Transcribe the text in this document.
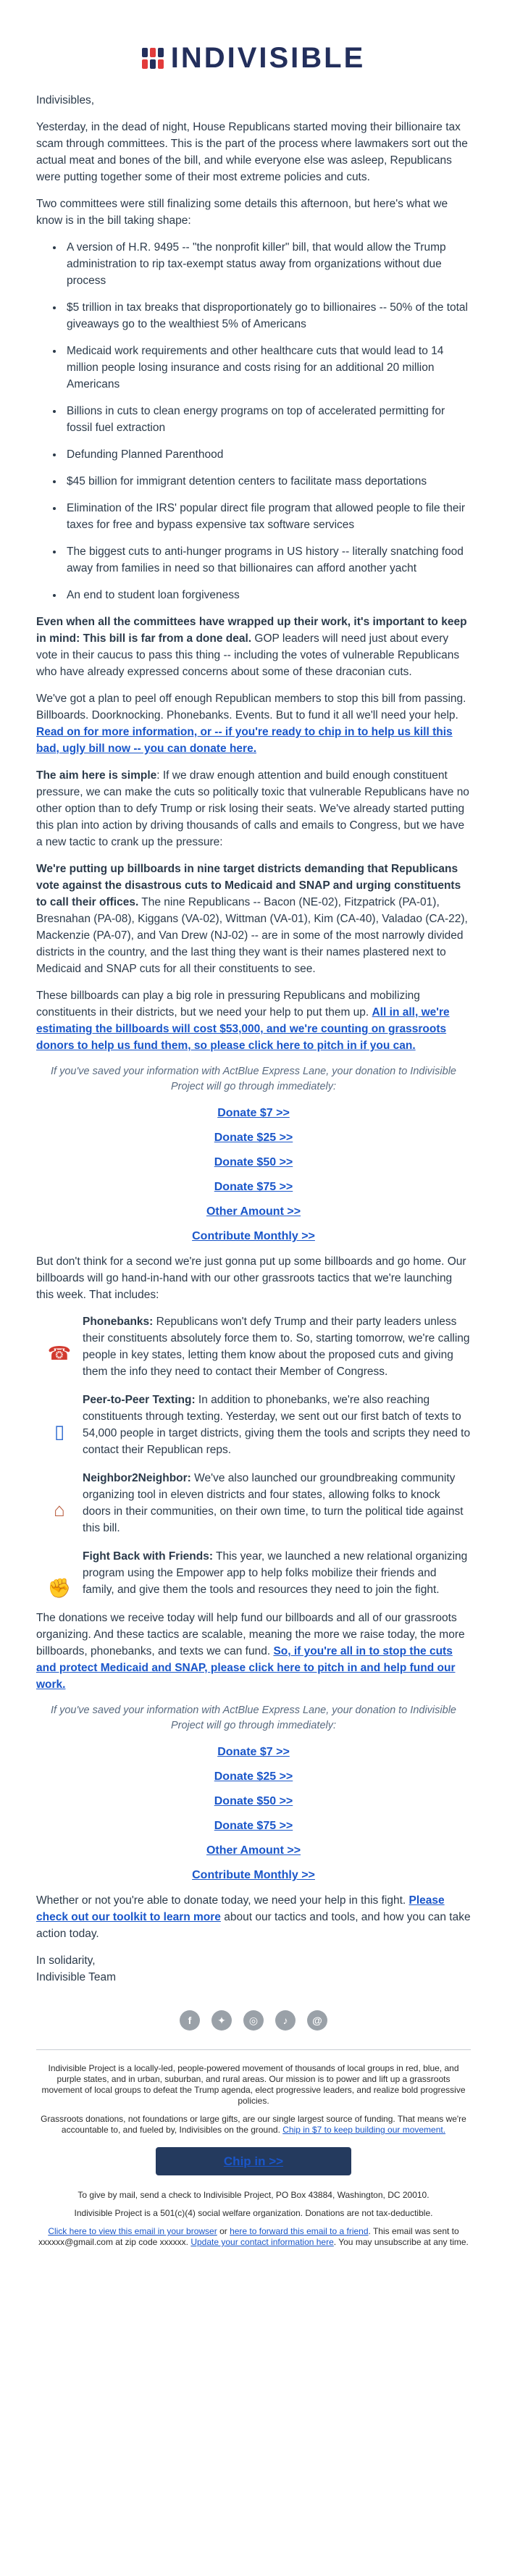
INDIVISIBLE

Indivisibles,

Yesterday, in the dead of night, House Republicans started moving their billionaire tax scam through committees. This is the part of the process where lawmakers sort out the actual meat and bones of the bill, and while everyone else was asleep, Republicans were putting together some of their most extreme policies and cuts.

Two committees were still finalizing some details this afternoon, but here's what we know is in the bill taking shape:

• A version of H.R. 9495 -- "the nonprofit killer" bill, that would allow the Trump administration to rip tax-exempt status away from organizations without due process
• $5 trillion in tax breaks that disproportionately go to billionaires -- 50% of the total giveaways go to the wealthiest 5% of Americans
• Medicaid work requirements and other healthcare cuts that would lead to 14 million people losing insurance and costs rising for an additional 20 million Americans
• Billions in cuts to clean energy programs on top of accelerated permitting for fossil fuel extraction
• Defunding Planned Parenthood
• $45 billion for immigrant detention centers to facilitate mass deportations
• Elimination of the IRS' popular direct file program that allowed people to file their taxes for free and bypass expensive tax software services
• The biggest cuts to anti-hunger programs in US history -- literally snatching food away from families in need so that billionaires can afford another yacht
• An end to student loan forgiveness

Even when all the committees have wrapped up their work, it's important to keep in mind: This bill is far from a done deal. GOP leaders will need just about every vote in their caucus to pass this thing -- including the votes of vulnerable Republicans who have already expressed concerns about some of these draconian cuts.

We've got a plan to peel off enough Republican members to stop this bill from passing. Billboards. Doorknocking. Phonebanks. Events. But to fund it all we'll need your help. Read on for more information, or -- if you're ready to chip in to help us kill this bad, ugly bill now -- you can donate here.

The aim here is simple: If we draw enough attention and build enough constituent pressure, we can make the cuts so politically toxic that vulnerable Republicans have no other option than to defy Trump or risk losing their seats. We've already started putting this plan into action by driving thousands of calls and emails to Congress, but we have a new tactic to crank up the pressure:

We're putting up billboards in nine target districts demanding that Republicans vote against the disastrous cuts to Medicaid and SNAP and urging constituents to call their offices. The nine Republicans -- Bacon (NE-02), Fitzpatrick (PA-01), Bresnahan (PA-08), Kiggans (VA-02), Wittman (VA-01), Kim (CA-40), Valadao (CA-22), Mackenzie (PA-07), and Van Drew (NJ-02) -- are in some of the most narrowly divided districts in the country, and the last thing they want is their names plastered next to Medicaid and SNAP cuts for all their constituents to see.

These billboards can play a big role in pressuring Republicans and mobilizing constituents in their districts, but we need your help to put them up. All in all, we're estimating the billboards will cost $53,000, and we're counting on grassroots donors to help us fund them, so please click here to pitch in if you can.

If you've saved your information with ActBlue Express Lane, your donation to Indivisible Project will go through immediately:

Donate $7 >>
Donate $25 >>
Donate $50 >>
Donate $75 >>
Other Amount >>
Contribute Monthly >>

But don't think for a second we're just gonna put up some billboards and go home. Our billboards will go hand-in-hand with our other grassroots tactics that we're launching this week. That includes:

☎
Phonebanks: Republicans won't defy Trump and their party leaders unless their constituents absolutely force them to. So, starting tomorrow, we're calling people in key states, letting them know about the proposed cuts and giving them the info they need to contact their Member of Congress.
▯
Peer-to-Peer Texting: In addition to phonebanks, we're also reaching constituents through texting. Yesterday, we sent out our first batch of texts to 54,000 people in target districts, giving them the tools and scripts they need to contact their Republican reps.
⌂
Neighbor2Neighbor: We've also launched our groundbreaking community organizing tool in eleven districts and four states, allowing folks to knock doors in their communities, on their own time, to turn the political tide against this bill.
✊
Fight Back with Friends: This year, we launched a new relational organizing program using the Empower app to help folks mobilize their friends and family, and give them the tools and resources they need to join the fight.

The donations we receive today will help fund our billboards and all of our grassroots organizing. And these tactics are scalable, meaning the more we raise today, the more billboards, phonebanks, and texts we can fund. So, if you're all in to stop the cuts and protect Medicaid and SNAP, please click here to pitch in and help fund our work.

If you've saved your information with ActBlue Express Lane, your donation to Indivisible Project will go through immediately:

Donate $7 >>
Donate $25 >>
Donate $50 >>
Donate $75 >>
Other Amount >>
Contribute Monthly >>

Whether or not you're able to donate today, we need your help in this fight. Please check out our toolkit to learn more about our tactics and tools, and how you can take action today.

In solidarity,

Indivisible Team

f	✦	◎	♪	@

Indivisible Project is a locally-led, people-powered movement of thousands of local groups in red, blue, and purple states, and in urban, suburban, and rural areas. Our mission is to power and lift up a grassroots movement of local groups to defeat the Trump agenda, elect progressive leaders, and realize bold progressive policies.

Grassroots donations, not foundations or large gifts, are our single largest source of funding. That means we're accountable to, and fueled by, Indivisibles on the ground. Chip in $7 to keep building our movement.

Chip in >>

To give by mail, send a check to Indivisible Project, PO Box 43884, Washington, DC 20010.

Indivisible Project is a 501(c)(4) social welfare organization. Donations are not tax-deductible.

Click here to view this email in your browser or here to forward this email to a friend. This email was sent to xxxxxx@gmail.com at zip code xxxxxx. Update your contact information here. You may unsubscribe at any time.
